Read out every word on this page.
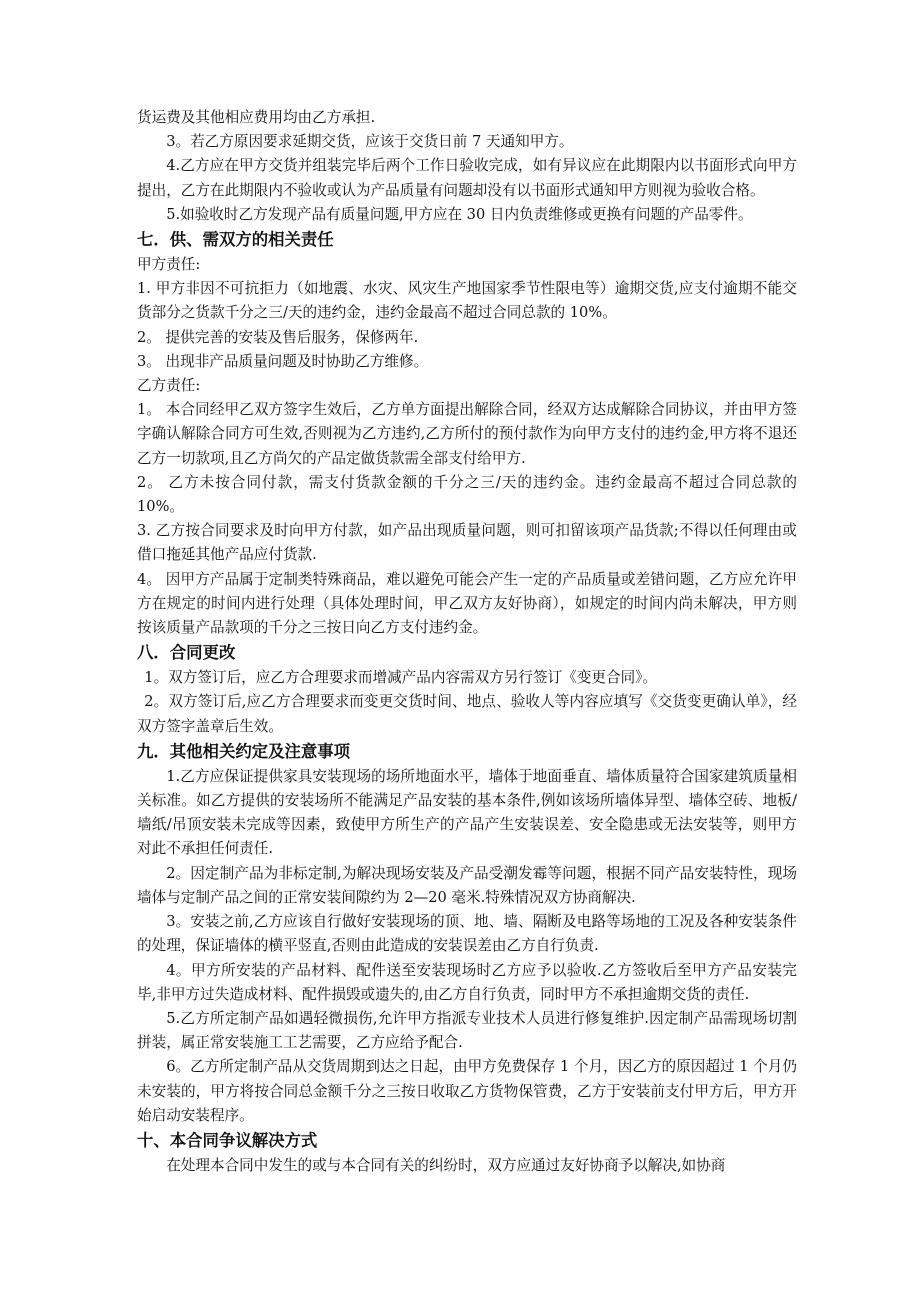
货运费及其他相应费用均由乙方承担.

3。若乙方原因要求延期交货，应该于交货日前 7 天通知甲方。

4.乙方应在甲方交货并组装完毕后两个工作日验收完成，如有异议应在此期限内以书面形式向甲方提出，乙方在此期限内不验收或认为产品质量有问题却没有以书面形式通知甲方则视为验收合格。

5.如验收时乙方发现产品有质量问题,甲方应在 30 日内负责维修或更换有问题的产品零件。

七．供、需双方的相关责任

甲方责任:

1. 甲方非因不可抗拒力（如地震、水灾、风灾生产地国家季节性限电等）逾期交货,应支付逾期不能交货部分之货款千分之三/天的违约金，违约金最高不超过合同总款的 10%。

2。 提供完善的安装及售后服务，保修两年.

3。 出现非产品质量问题及时协助乙方维修。

乙方责任:

1。 本合同经甲乙双方签字生效后，乙方单方面提出解除合同，经双方达成解除合同协议，并由甲方签字确认解除合同方可生效,否则视为乙方违约,乙方所付的预付款作为向甲方支付的违约金,甲方将不退还乙方一切款项,且乙方尚欠的产品定做货款需全部支付给甲方.

2。 乙方未按合同付款，需支付货款金额的千分之三/天的违约金。违约金最高不超过合同总款的 10%。

3. 乙方按合同要求及时向甲方付款，如产品出现质量问题，则可扣留该项产品货款;不得以任何理由或借口拖延其他产品应付货款.

4。 因甲方产品属于定制类特殊商品，难以避免可能会产生一定的产品质量或差错问题，乙方应允许甲方在规定的时间内进行处理（具体处理时间，甲乙双方友好协商），如规定的时间内尚未解决，甲方则按该质量产品款项的千分之三按日向乙方支付违约金。

八．合同更改

1。双方签订后，应乙方合理要求而增减产品内容需双方另行签订《变更合同》。

2。双方签订后,应乙方合理要求而变更交货时间、地点、验收人等内容应填写《交货变更确认单》，经双方签字盖章后生效。

九．其他相关约定及注意事项

1.乙方应保证提供家具安装现场的场所地面水平，墙体于地面垂直、墙体质量符合国家建筑质量相关标准。如乙方提供的安装场所不能满足产品安装的基本条件,例如该场所墙体异型、墙体空砖、地板/墙纸/吊顶安装未完成等因素，致使甲方所生产的产品产生安装误差、安全隐患或无法安装等，则甲方对此不承担任何责任.

2。因定制产品为非标定制,为解决现场安装及产品受潮发霉等问题，根据不同产品安装特性，现场墙体与定制产品之间的正常安装间隙约为 2—20 毫米.特殊情况双方协商解决.

3。安装之前,乙方应该自行做好安装现场的顶、地、墙、隔断及电路等场地的工况及各种安装条件的处理，保证墙体的横平竖直,否则由此造成的安装误差由乙方自行负责.

4。甲方所安装的产品材料、配件送至安装现场时乙方应予以验收.乙方签收后至甲方产品安装完毕,非甲方过失造成材料、配件损毁或遗失的,由乙方自行负责，同时甲方不承担逾期交货的责任.

5.乙方所定制产品如遇轻微损伤,允许甲方指派专业技术人员进行修复维护.因定制产品需现场切割拼装，属正常安装施工工艺需要，乙方应给予配合.

6。乙方所定制产品从交货周期到达之日起，由甲方免费保存 1 个月，因乙方的原因超过 1 个月仍未安装的，甲方将按合同总金额千分之三按日收取乙方货物保管费，乙方于安装前支付甲方后，甲方开始启动安装程序。

十、本合同争议解决方式

在处理本合同中发生的或与本合同有关的纠纷时，双方应通过友好协商予以解决,如协商
